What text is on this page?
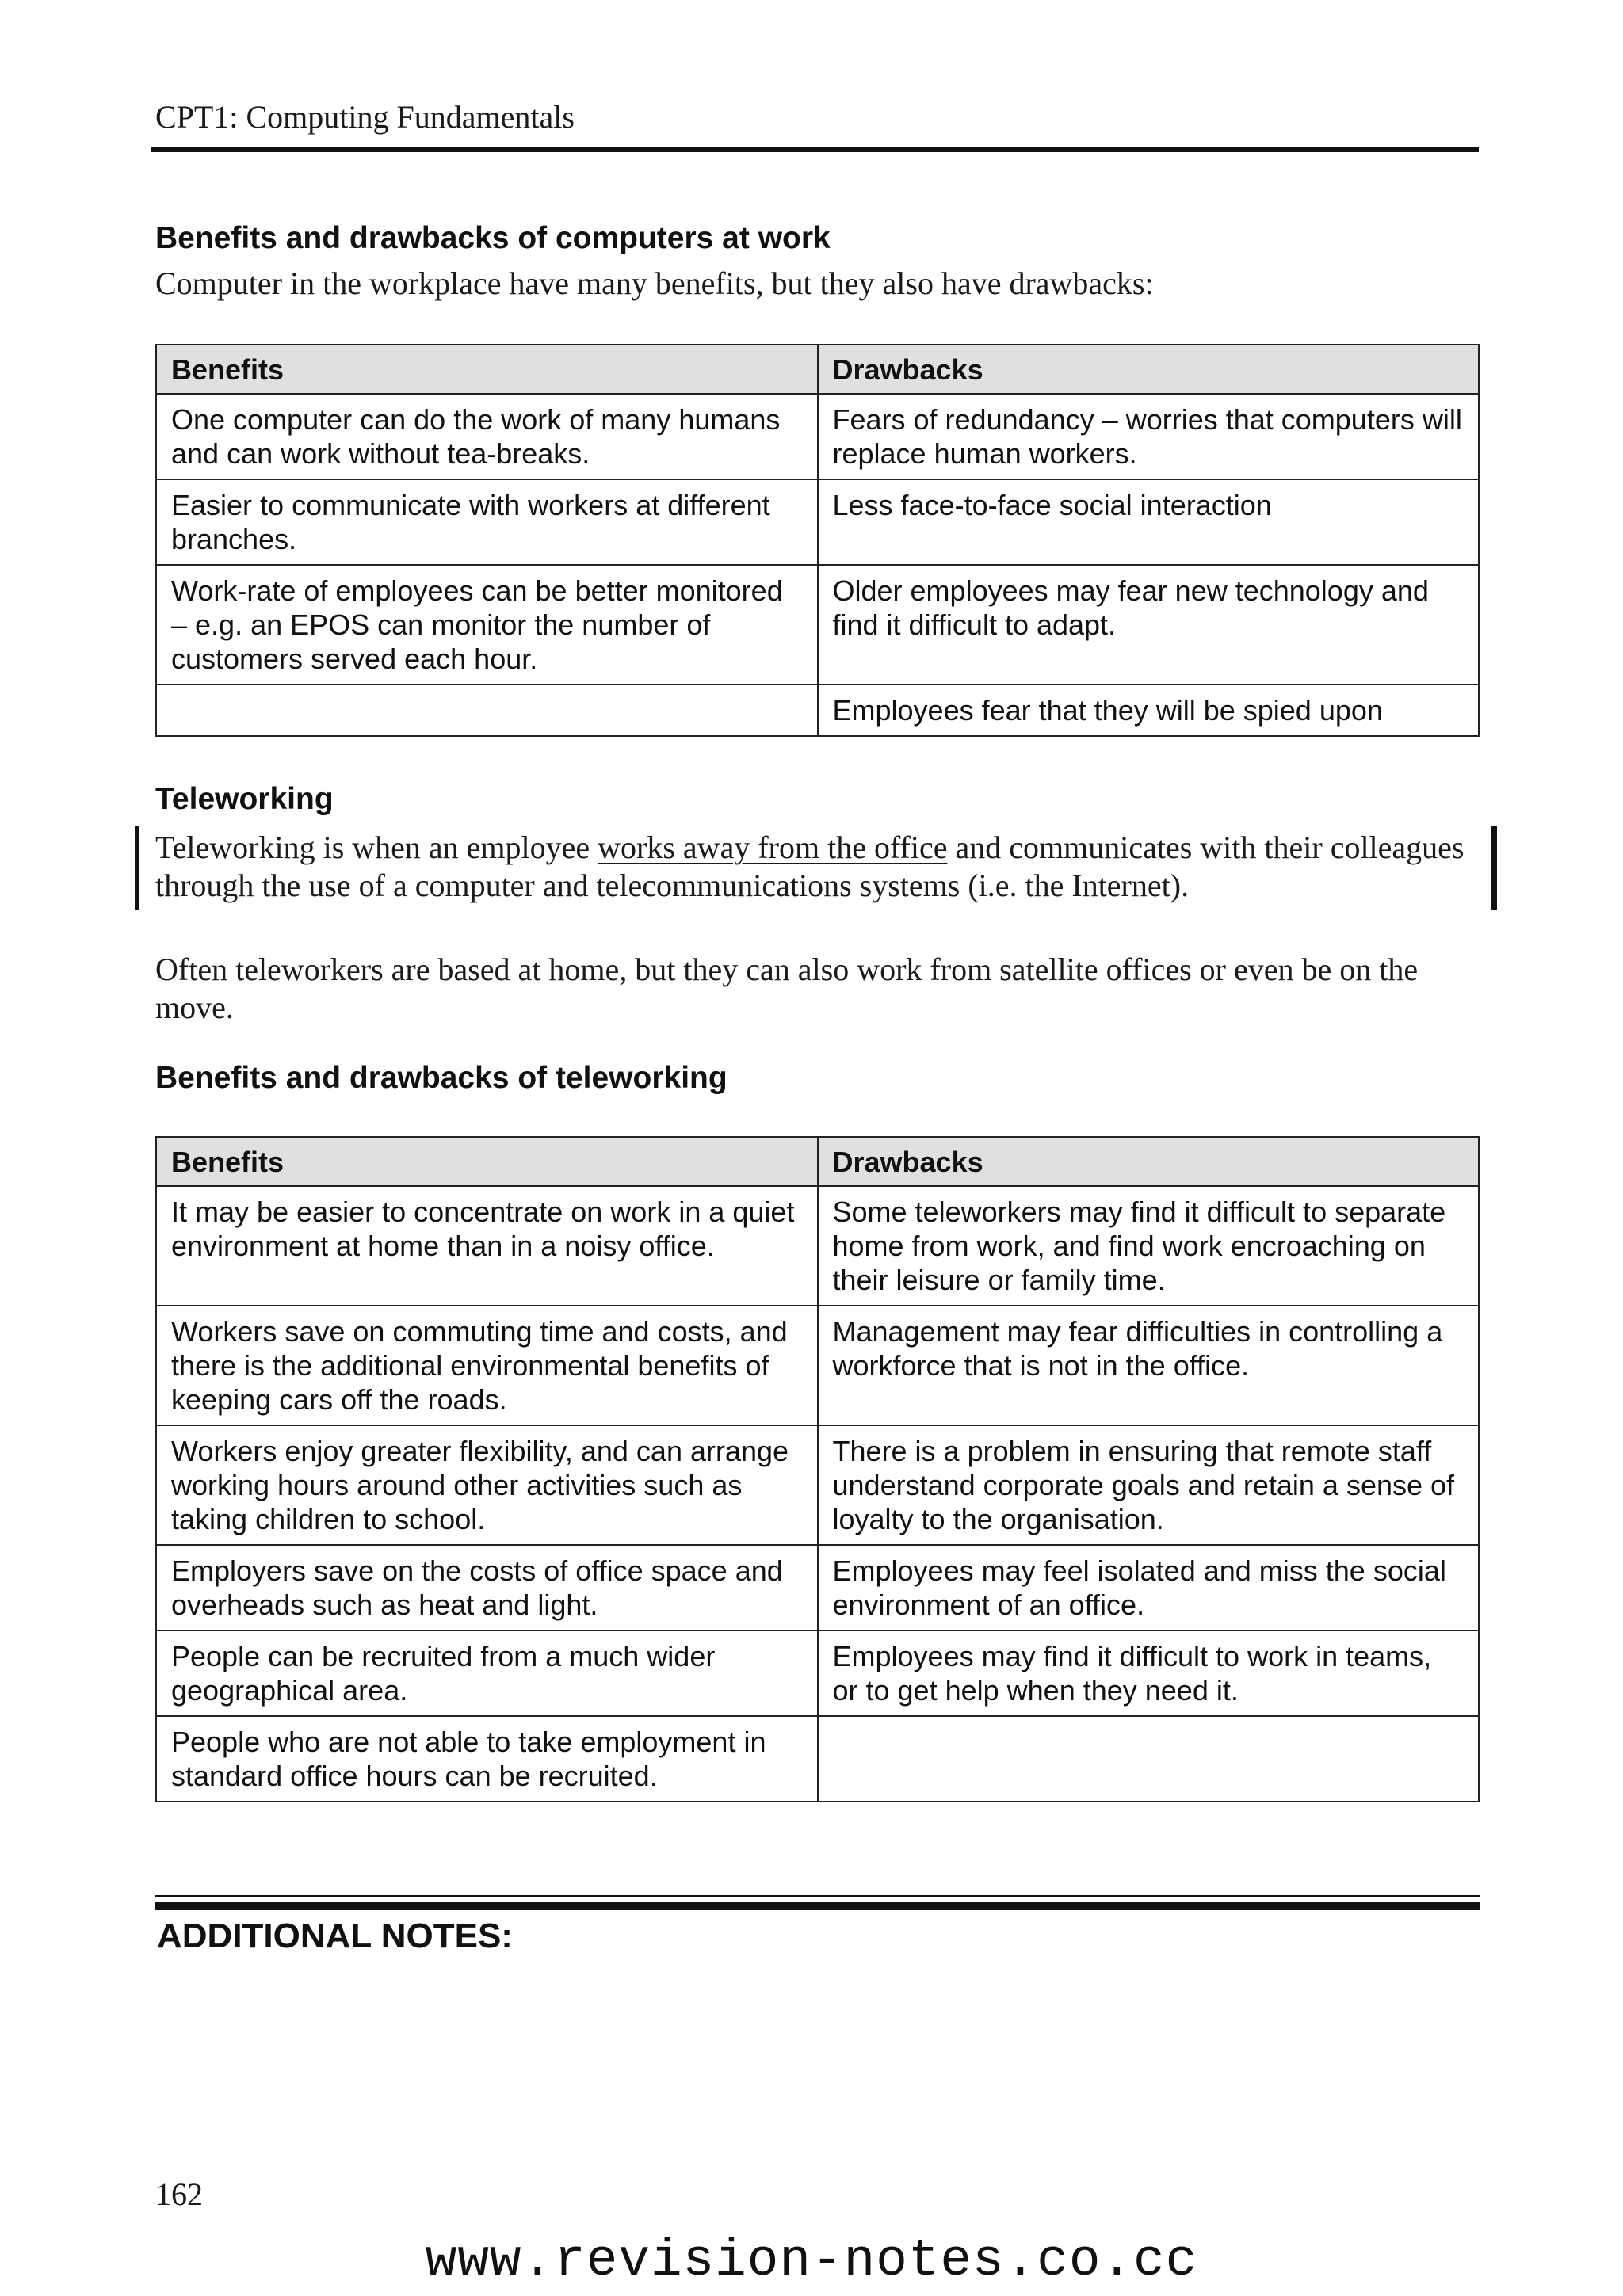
CPT1: Computing Fundamentals
Benefits and drawbacks of computers at work
Computer in the workplace have many benefits, but they also have drawbacks:
Benefits	Drawbacks
One computer can do the work of many humans and can work without tea-breaks.	Fears of redundancy – worries that computers will replace human workers.
Easier to communicate with workers at different branches.	Less face-to-face social interaction
Work-rate of employees can be better monitored – e.g. an EPOS can monitor the number of customers served each hour.	Older employees may fear new technology and find it difficult to adapt.
	Employees fear that they will be spied upon
Teleworking
Teleworking is when an employee works away from the office and communicates with their colleagues through the use of a computer and telecommunications systems (i.e. the Internet).
Often teleworkers are based at home, but they can also work from satellite offices or even be on the move.
Benefits and drawbacks of teleworking
Benefits	Drawbacks
It may be easier to concentrate on work in a quiet environment at home than in a noisy office.	Some teleworkers may find it difficult to separate home from work, and find work encroaching on their leisure or family time.
Workers save on commuting time and costs, and there is the additional environmental benefits of keeping cars off the roads.	Management may fear difficulties in controlling a workforce that is not in the office.
Workers enjoy greater flexibility, and can arrange working hours around other activities such as taking children to school.	There is a problem in ensuring that remote staff understand corporate goals and retain a sense of loyalty to the organisation.
Employers save on the costs of office space and overheads such as heat and light.	Employees may feel isolated and miss the social environment of an office.
People can be recruited from a much wider geographical area.	Employees may find it difficult to work in teams, or to get help when they need it.
People who are not able to take employment in standard office hours can be recruited.	
ADDITIONAL NOTES:
162
www.revision-notes.co.cc
